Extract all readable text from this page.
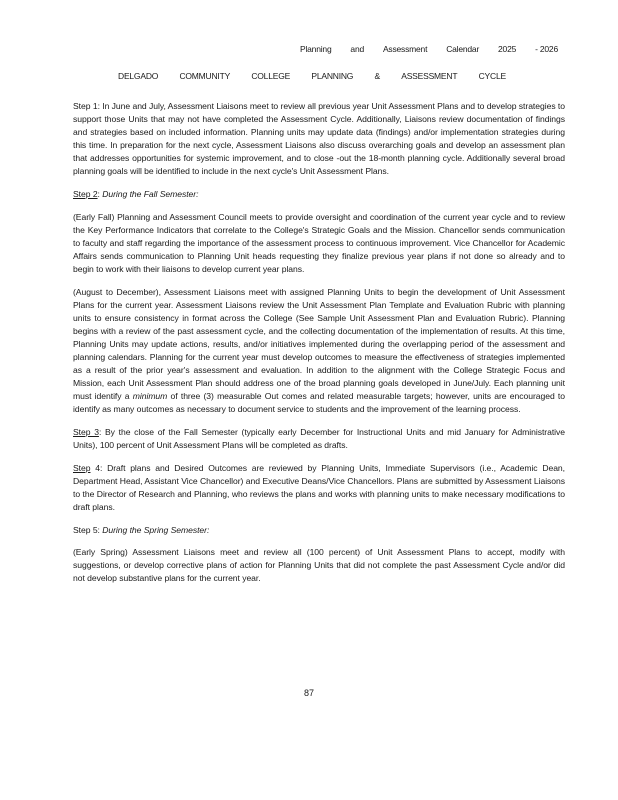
Planning and Assessment Calendar 2025 - 2026
DELGADO	COMMUNITY	COLLEGE	PLANNING	&	ASSESSMENT	CYCLE

Step 1: In June and July, Assessment Liaisons meet to review all previous year Unit Assessment Plans and to develop strategies to support those Units that may not have completed the Assessment Cycle. Additionally, Liaisons review documentation of findings and strategies based on included information. Planning units may update data (findings) and/or implementation strategies during this time. In preparation for the next cycle, Assessment Liaisons also discuss overarching goals and develop an assessment plan that addresses opportunities for systemic improvement, and to close -out the 18-month planning cycle. Additionally several broad planning goals will be identified to include in the next cycle's Unit Assessment Plans.

Step 2: During the Fall Semester:

(Early Fall) Planning and Assessment Council meets to provide oversight and coordination of the current year cycle and to review the Key Performance Indicators that correlate to the College's Strategic Goals and the Mission. Chancellor sends communication to faculty and staff regarding the importance of the assessment process to continuous improvement. Vice Chancellor for Academic Affairs sends communication to Planning Unit heads requesting they finalize previous year plans if not done so already and to begin to work with their liaisons to develop current year plans.

(August to December), Assessment Liaisons meet with assigned Planning Units to begin the development of Unit Assessment Plans for the current year. Assessment Liaisons review the Unit Assessment Plan Template and Evaluation Rubric with planning units to ensure consistency in format across the College (See Sample Unit Assessment Plan and Evaluation Rubric). Planning begins with a review of the past assessment cycle, and the collecting documentation of the implementation of results. At this time, Planning Units may update actions, results, and/or initiatives implemented during the overlapping period of the assessment and planning calendars. Planning for the current year must develop outcomes to measure the effectiveness of strategies implemented as a result of the prior year's assessment and evaluation. In addition to the alignment with the College Strategic Focus and Mission, each Unit Assessment Plan should address one of the broad planning goals developed in June/July. Each planning unit must identify a minimum of three (3) measurable Out comes and related measurable targets; however, units are encouraged to identify as many outcomes as necessary to document service to students and the improvement of the learning process.

Step 3: By the close of the Fall Semester (typically early December for Instructional Units and mid January for Administrative Units), 100 percent of Unit Assessment Plans will be completed as drafts.

Step 4: Draft plans and Desired Outcomes are reviewed by Planning Units, Immediate Supervisors (i.e., Academic Dean, Department Head, Assistant Vice Chancellor) and Executive Deans/Vice Chancellors. Plans are submitted by Assessment Liaisons to the Director of Research and Planning, who reviews the plans and works with planning units to make necessary modifications to draft plans.

Step 5: During the Spring Semester:

(Early Spring) Assessment Liaisons meet and review all (100 percent) of Unit Assessment Plans to accept, modify with suggestions, or develop corrective plans of action for Planning Units that did not complete the past Assessment Cycle and/or did not develop substantive plans for the current year.

87
